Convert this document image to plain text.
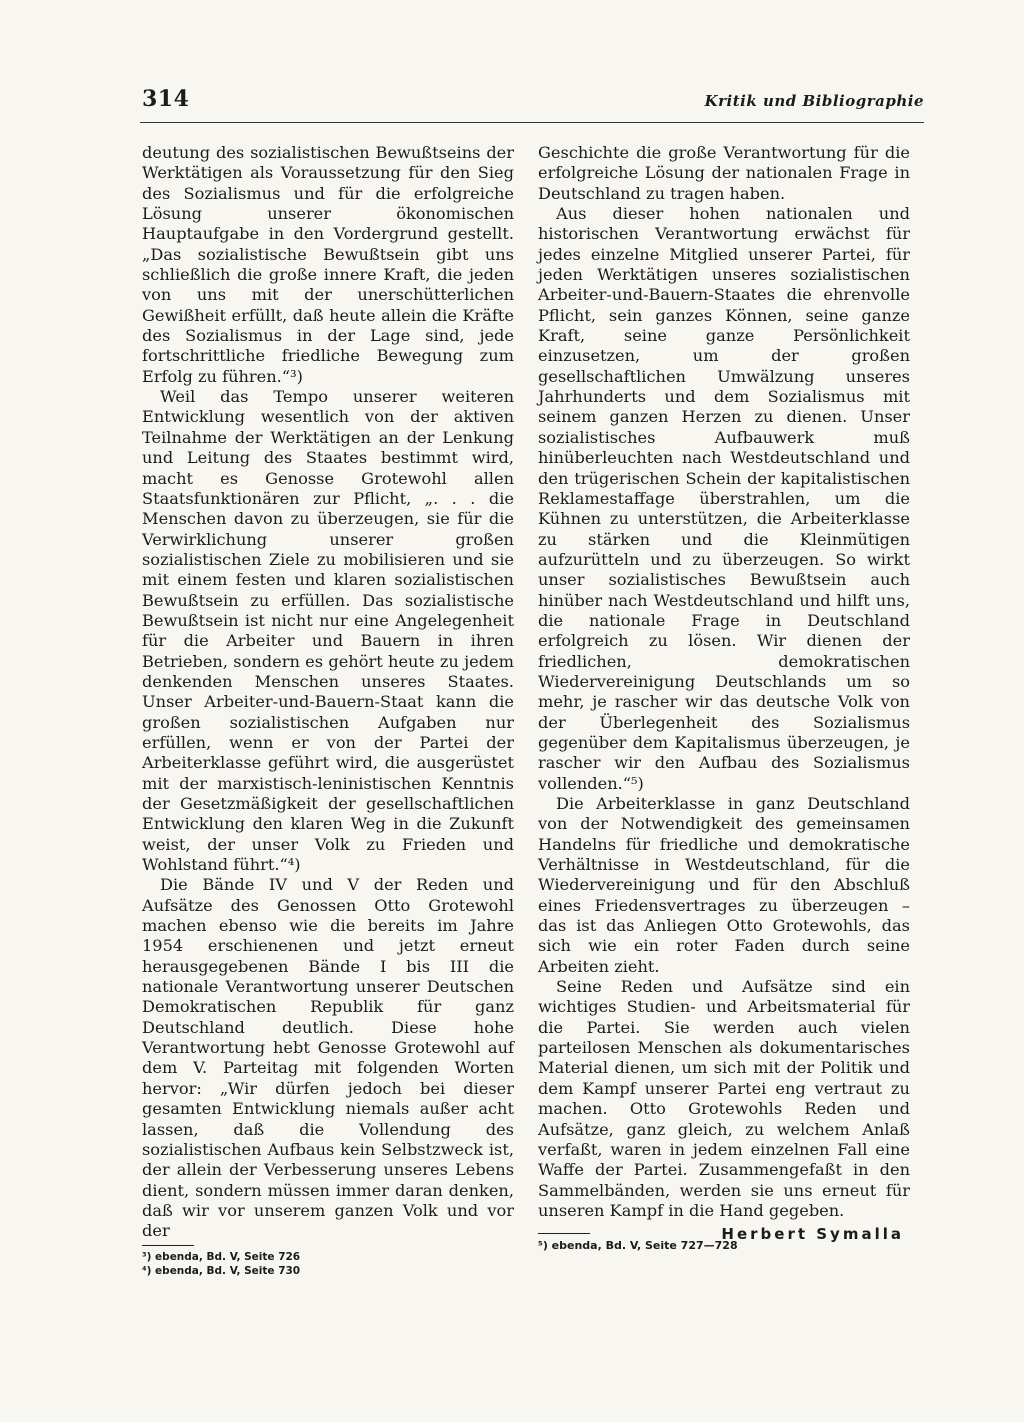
314	Kritik und Bibliographie

deutung des sozialistischen Bewußtseins der Werktätigen als Voraussetzung für den Sieg des Sozialismus und für die erfolgreiche Lösung unserer ökonomischen Hauptaufgabe in den Vordergrund gestellt. „Das sozialistische Bewußtsein gibt uns schließlich die große innere Kraft, die jeden von uns mit der unerschütterlichen Gewißheit erfüllt, daß heute allein die Kräfte des Sozialismus in der Lage sind, jede fortschrittliche friedliche Bewegung zum Erfolg zu führen.“³)

Weil das Tempo unserer weiteren Entwicklung wesentlich von der aktiven Teilnahme der Werktätigen an der Lenkung und Leitung des Staates bestimmt wird, macht es Genosse Grotewohl allen Staatsfunktionären zur Pflicht, „. . . die Menschen davon zu überzeugen, sie für die Verwirklichung unserer großen sozialistischen Ziele zu mobilisieren und sie mit einem festen und klaren sozialistischen Bewußtsein zu erfüllen. Das sozialistische Bewußtsein ist nicht nur eine Angelegenheit für die Arbeiter und Bauern in ihren Betrieben, sondern es gehört heute zu jedem denkenden Menschen unseres Staates. Unser Arbeiter-und-Bauern-Staat kann die großen sozialistischen Aufgaben nur erfüllen, wenn er von der Partei der Arbeiterklasse geführt wird, die ausgerüstet mit der marxistisch-leninistischen Kenntnis der Gesetzmäßigkeit der gesellschaftlichen Entwicklung den klaren Weg in die Zukunft weist, der unser Volk zu Frieden und Wohlstand führt.“⁴)

Die Bände IV und V der Reden und Aufsätze des Genossen Otto Grotewohl machen ebenso wie die bereits im Jahre 1954 erschienenen und jetzt erneut herausgegebenen Bände I bis III die nationale Verantwortung unserer Deutschen Demokratischen Republik für ganz Deutschland deutlich. Diese hohe Verantwortung hebt Genosse Grotewohl auf dem V. Parteitag mit folgenden Worten hervor: „Wir dürfen jedoch bei dieser gesamten Entwicklung niemals außer acht lassen, daß die Vollendung des sozialistischen Aufbaus kein Selbstzweck ist, der allein der Verbesserung unseres Lebens dient, sondern müssen immer daran denken, daß wir vor unserem ganzen Volk und vor der

³) ebenda, Bd. V, Seite 726
⁴) ebenda, Bd. V, Seite 730

Geschichte die große Verantwortung für die erfolgreiche Lösung der nationalen Frage in Deutschland zu tragen haben.

Aus dieser hohen nationalen und historischen Verantwortung erwächst für jedes einzelne Mitglied unserer Partei, für jeden Werktätigen unseres sozialistischen Arbeiter-und-Bauern-Staates die ehrenvolle Pflicht, sein ganzes Können, seine ganze Kraft, seine ganze Persönlichkeit einzusetzen, um der großen gesellschaftlichen Umwälzung unseres Jahrhunderts und dem Sozialismus mit seinem ganzen Herzen zu dienen. Unser sozialistisches Aufbauwerk muß hinüberleuchten nach Westdeutschland und den trügerischen Schein der kapitalistischen Reklamestaffage überstrahlen, um die Kühnen zu unterstützen, die Arbeiterklasse zu stärken und die Kleinmütigen aufzurütteln und zu überzeugen. So wirkt unser sozialistisches Bewußtsein auch hinüber nach Westdeutschland und hilft uns, die nationale Frage in Deutschland erfolgreich zu lösen. Wir dienen der friedlichen, demokratischen Wiedervereinigung Deutschlands um so mehr, je rascher wir das deutsche Volk von der Überlegenheit des Sozialismus gegenüber dem Kapitalismus überzeugen, je rascher wir den Aufbau des Sozialismus vollenden.“⁵)

Die Arbeiterklasse in ganz Deutschland von der Notwendigkeit des gemeinsamen Handelns für friedliche und demokratische Verhältnisse in Westdeutschland, für die Wiedervereinigung und für den Abschluß eines Friedensvertrages zu überzeugen – das ist das Anliegen Otto Grotewohls, das sich wie ein roter Faden durch seine Arbeiten zieht.

Seine Reden und Aufsätze sind ein wichtiges Studien- und Arbeitsmaterial für die Partei. Sie werden auch vielen parteilosen Menschen als dokumentarisches Material dienen, um sich mit der Politik und dem Kampf unserer Partei eng vertraut zu machen. Otto Grotewohls Reden und Aufsätze, ganz gleich, zu welchem Anlaß verfaßt, waren in jedem einzelnen Fall eine Waffe der Partei. Zusammengefaßt in den Sammelbänden, werden sie uns erneut für unseren Kampf in die Hand gegeben.

Herbert Symalla
⁵) ebenda, Bd. V, Seite 727—728
